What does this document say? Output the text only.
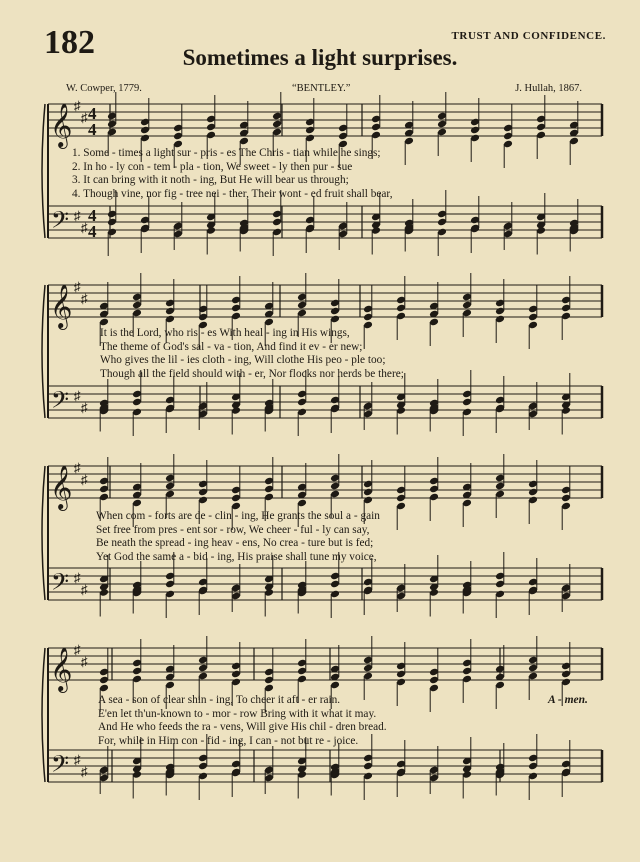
182	TRUST AND CONFIDENCE.
Sometimes a light surprises.
W. Cowper, 1779.	“BENTLEY.”	J. Hullah, 1867.
𝄞
𝄢
♯
♯
♯
♯
4
4
4
4
𝄞
𝄢
♯
♯
♯
♯
𝄞
𝄢
♯
♯
♯
♯
𝄞
𝄢
♯
♯
♯
♯
1. Some - times a light sur - pris - es The Chris - tian while he sings;
2. In ho - ly con - tem - pla - tion, We sweet - ly then pur - sue
3. It can bring with it noth - ing, But He will bear us through;
4. Though vine, nor fig - tree nei - ther, Their wont - ed fruit shall bear,
It is the Lord, who ris - es With heal - ing in His wings,
The theme of God's sal - va - tion, And find it ev - er new;
Who gives the lil - ies cloth - ing, Will clothe His peo - ple too;
Though all the field should with - er, Nor flocks nor herds be there;
When com - forts are de - clin - ing, He grants the soul a - gain
Set free from pres - ent sor - row, We cheer - ful - ly can say,
Be neath the spread - ing heav - ens, No crea - ture but is fed;
Yet God the same a - bid - ing, His praise shall tune my voice,
A sea - son of clear shin - ing, To cheer it aft - er rain.
E'en let th'un-known to - mor - row Bring with it what it may.
And He who feeds the ra - vens, Will give His chil - dren bread.
For, while in Him con - fid - ing, I can - not but re - joice.
A - men.
